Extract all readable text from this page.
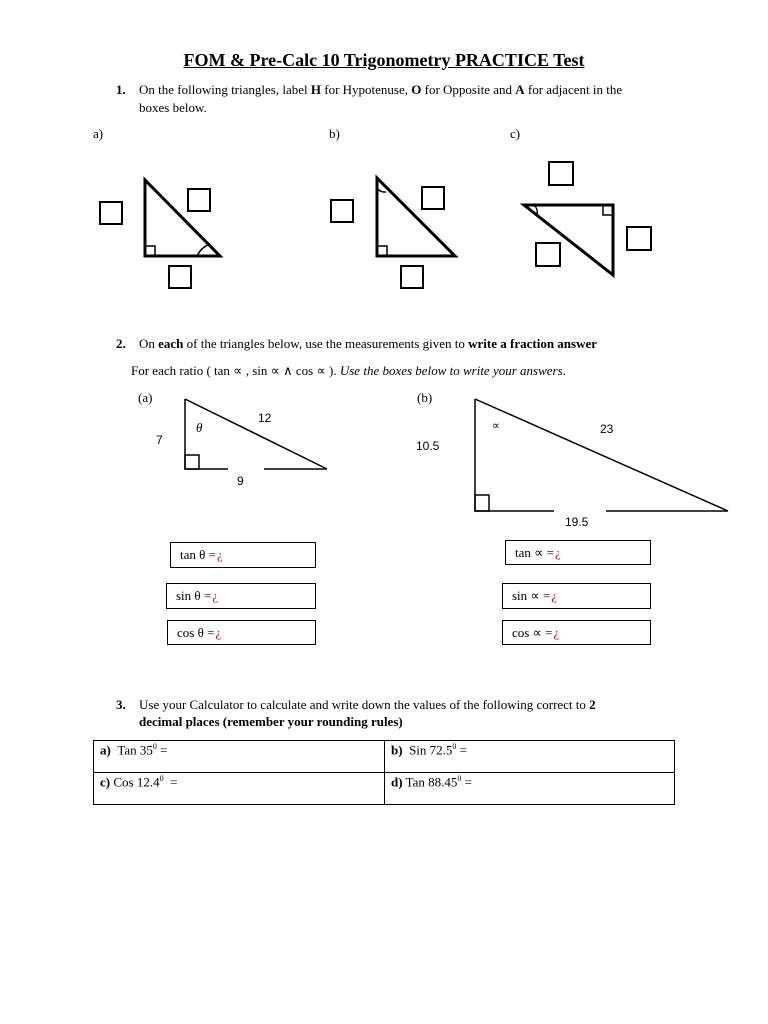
FOM & Pre-Calc 10 Trigonometry PRACTICE Test
1. On the following triangles, label H for Hypotenuse, O for Opposite and A for adjacent in the
boxes below.
a)	b)	c)
2. On each of the triangles below, use the measurements given to write a fraction answer
For each ratio ( tan ∝ , sin ∝ ∧ cos ∝ ). Use the boxes below to write your answers.
(a)	(b)
θ
7
12
9
∝
10.5
23
19.5
tan θ = ¿
sin θ = ¿
cos θ = ¿
tan ∝ = ¿
sin ∝ = ¿
cos ∝ = ¿
3. Use your Calculator to calculate and write down the values of the following correct to 2
decimal places (remember your rounding rules)
a) Tan $35^0$ =	b) Sin $72.5^0$ =
c) Cos 12.4$^0$  =	d) Tan $88.45^0$ =
